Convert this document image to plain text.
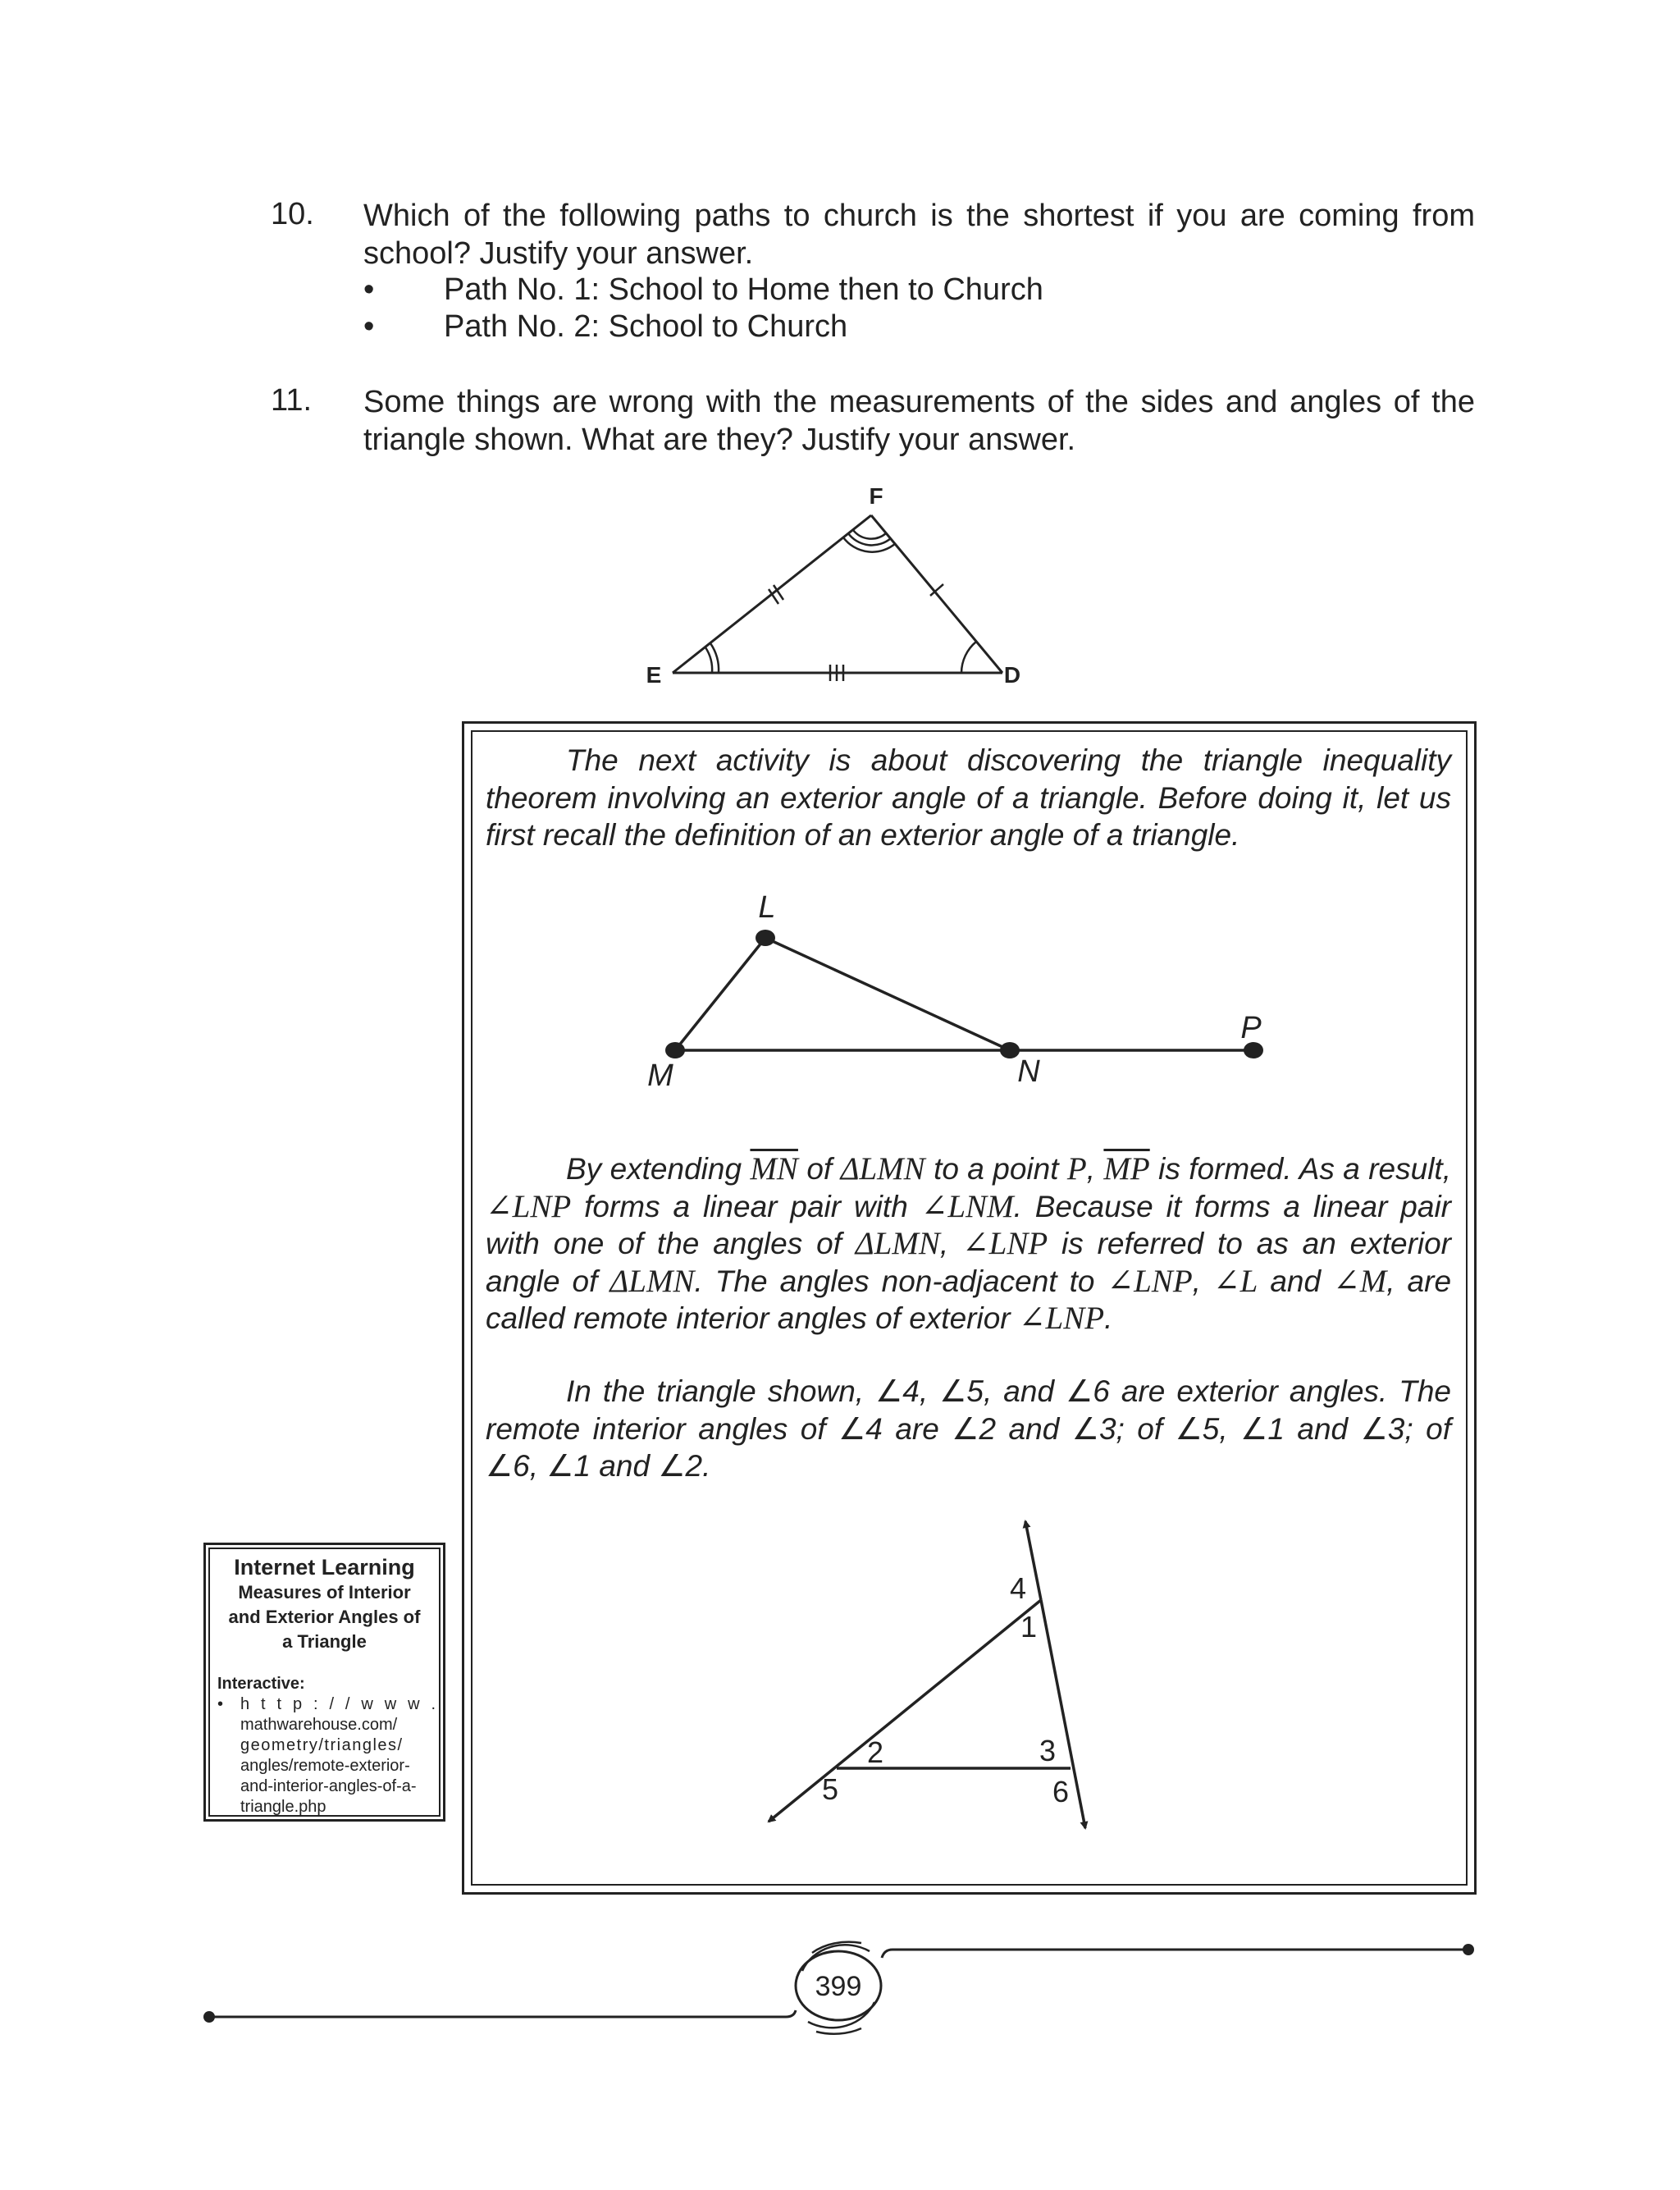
10. Which of the following paths to church is the shortest if you are coming from school? Justify your answer.
• Path No. 1: School to Home then to Church
• Path No. 2: School to Church
11. Some things are wrong with the measurements of the sides and angles of the triangle shown. What are they? Justify your answer.
F
E	D
The next activity is about discovering the triangle inequality theorem involving an exterior angle of a triangle. Before doing it, let us first recall the definition of an exterior angle of a triangle.
L
M	N
P
By extending $\overline{MN}$ of ΔLMN to a point P, $\overline{MP}$ is formed. As a result, ∠LNP forms a linear pair with ∠LNM. Because it forms a linear pair with one of the angles of ΔLMN, ∠LNP is referred to as an exterior angle of ΔLMN. The angles non-adjacent to ∠LNP, ∠L and ∠M, are called remote interior angles of exterior ∠LNP.
In the triangle shown, ∠4, ∠5, and ∠6 are exterior angles. The remote interior angles of ∠4 are ∠2 and ∠3; of ∠5, ∠1 and ∠3; of ∠6, ∠1 and ∠2.
4
1
2	3
5	6
Internet Learning
Measures of Interior
and Exterior Angles of
a Triangle
Interactive:
• h t t p : / / w w w .
mathwarehouse.com/
geometry/triangles/
angles/remote-exterior-
and-interior-angles-of-a-
triangle.php
399
